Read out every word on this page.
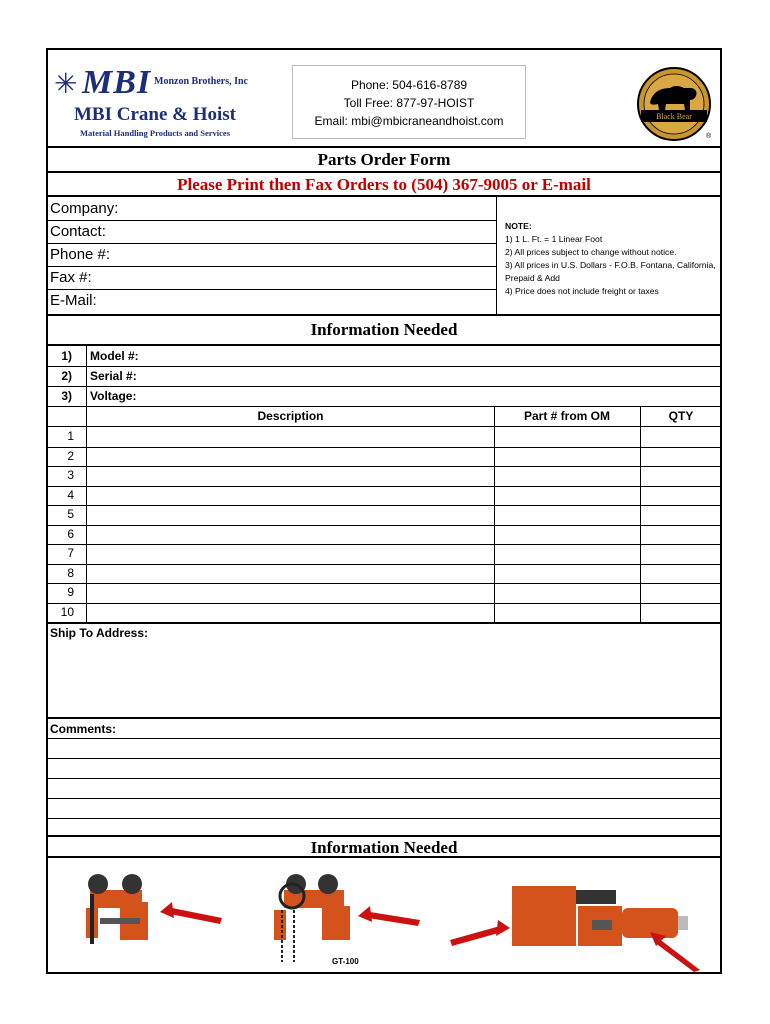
✳ MBI Monzon Brothers, Inc
MBI Crane & Hoist
Material Handling Products and Services
Phone: 504-616-8789
Toll Free: 877-97-HOIST
Email: mbi@mbicraneandhoist.com	Black Bear
®
Parts Order Form
Please Print then Fax Orders to (504) 367-9005 or E-mail
Company:
Contact:
Phone #:
Fax #:
E-Mail:
NOTE:
1) 1 L. Ft. = 1 Linear Foot
2) All prices subject to change without notice.
3) All prices in U.S. Dollars - F.O.B. Fontana, California, Prepaid & Add
4) Price does not include freight or taxes
Information Needed
1) Model #:
2) Serial #:
3) Voltage:
Description	Part # from OM	QTY
1
2
3
4
5
6
7
8
9
10
Ship To Address:
Comments:
Information Needed
GT-100
